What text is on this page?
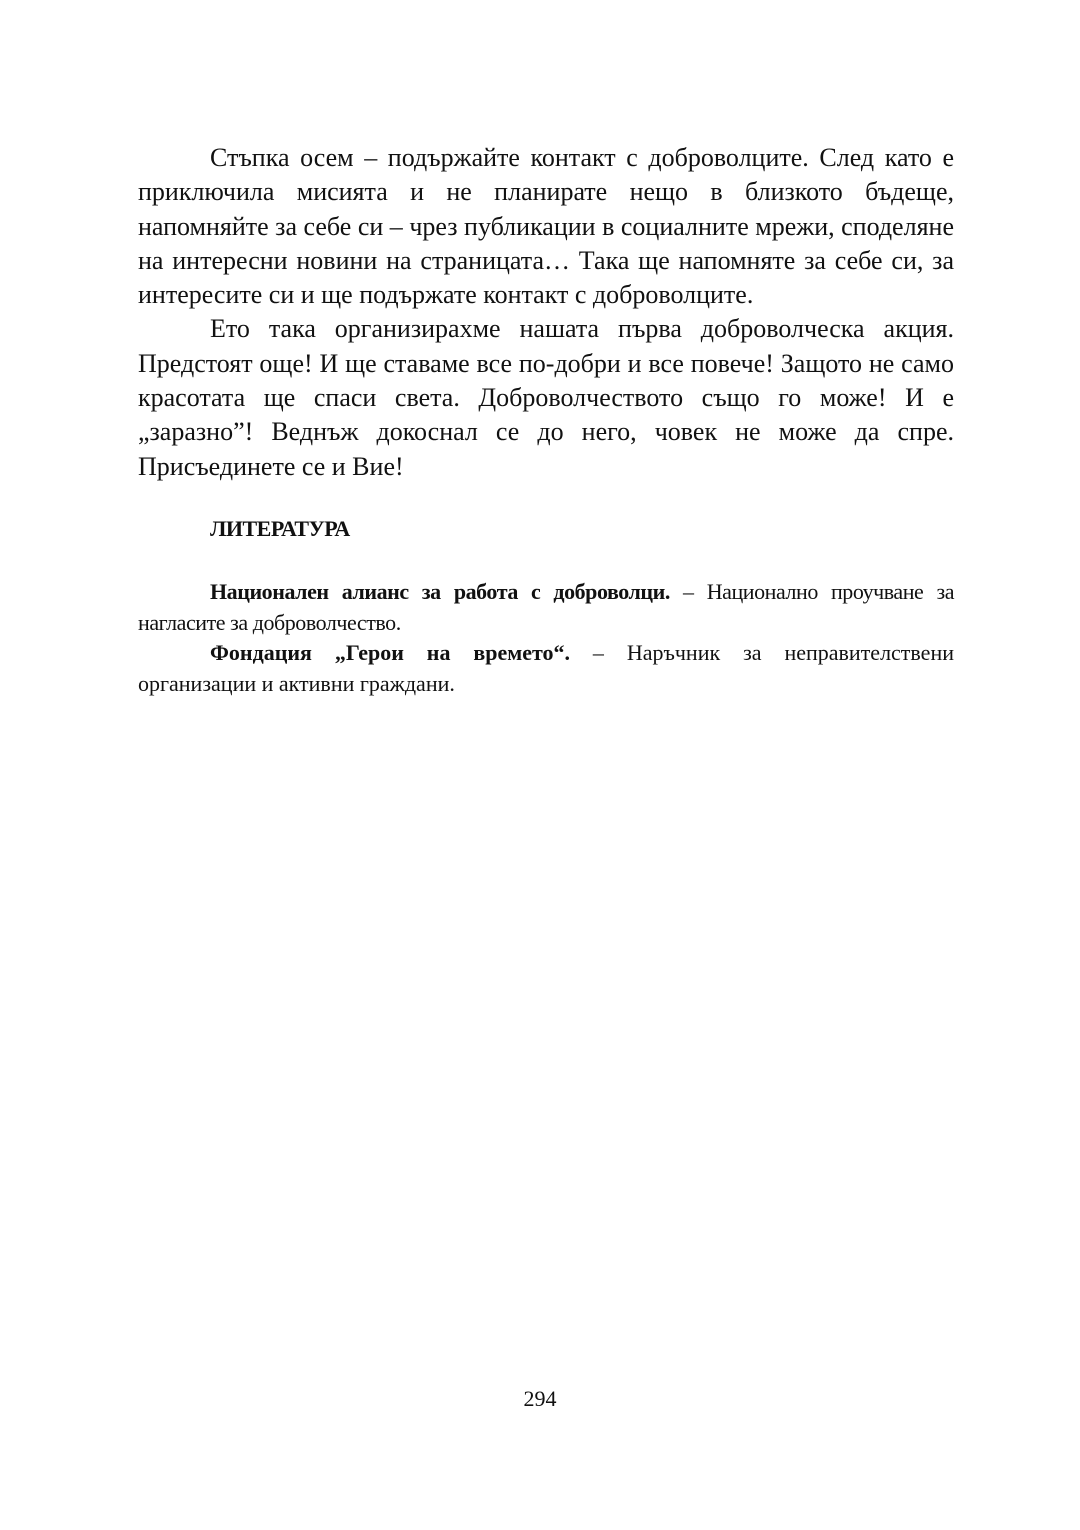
Стъпка осем – подържайте контакт с доброволците. След като е приключила мисията и не планирате нещо в близкото бъдеще, напомняйте за себе си – чрез публикации в социалните мрежи, споделяне на интересни новини на страницата… Така ще напомняте за себе си, за интересите си и ще подържате контакт с доброволците.

Ето така организирахме нашата първа доброволческа акция. Предстоят още! И ще ставаме все по-добри и все повече! Защото не само красотата ще спаси света. Доброволчеството също го може! И е „заразно”! Веднъж докоснал се до него, човек не може да спре. Присъединете се и Вие!

ЛИТЕРАТУРА

Национален алианс за работа с доброволци. – Национално проучване за нагласите за доброволчество.

Фондация „Герои на времето“. – Наръчник за неправителствени организации и активни граждани.

294
